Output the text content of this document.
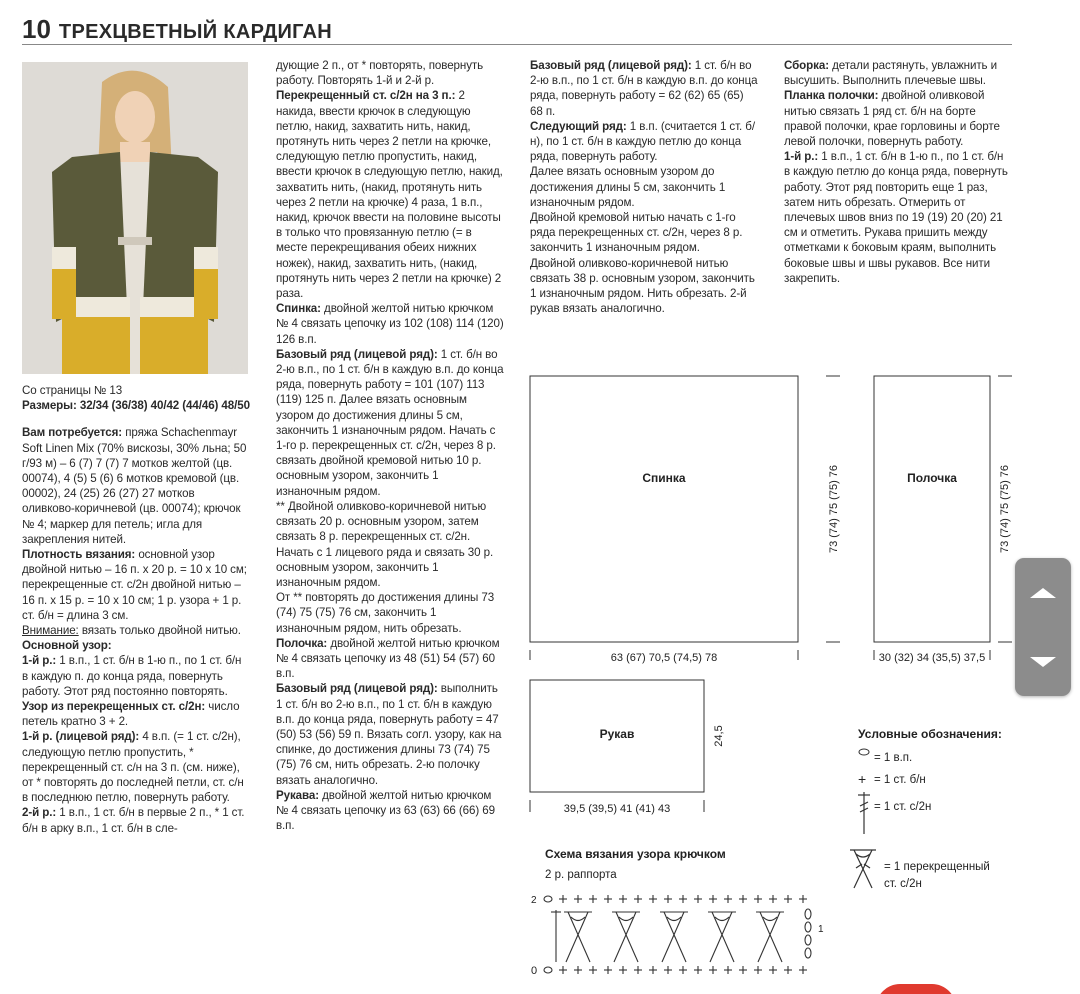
10 ТРЕХЦВЕТНЫЙ КАРДИГАН

Со страницы № 13

Размеры: 32/34 (36/38) 40/42 (44/46) 48/50

Вам потребуется: пряжа Schachenmayr Soft Linen Mix (70% вискозы, 30% льна; 50 г/93 м) – 6 (7) 7 (7) 7 мотков желтой (цв. 00074), 4 (5) 5 (6) 6 мотков кремовой (цв. 00002), 24 (25) 26 (27) 27 мотков оливково-коричневой (цв. 00074); крючок № 4; маркер для петель; игла для закрепления нитей.

Плотность вязания: основной узор двойной нитью – 16 п. х 20 р. = 10 х 10 см; перекрещенные ст. с/2н двойной нитью – 16 п. х 15 р. = 10 х 10 см; 1 р. узора + 1 р. ст. б/н = длина 3 см.

Внимание: вязать только двойной нитью.

Основной узор:

1-й р.: 1 в.п., 1 ст. б/н в 1-ю п., по 1 ст. б/н в каждую п. до конца ряда, повернуть работу. Этот ряд постоянно повторять.

Узор из перекрещенных ст. с/2н: число петель кратно 3 + 2.

1-й р. (лицевой ряд): 4 в.п. (= 1 ст. с/2н), следующую петлю пропустить, * перекрещенный ст. с/н на 3 п. (см. ниже), от * повторять до последней петли, ст. с/н в последнюю петлю, повернуть работу.

2-й р.: 1 в.п., 1 ст. б/н в первые 2 п., * 1 ст. б/н в арку в.п., 1 ст. б/н в сле-

дующие 2 п., от * повторять, повернуть работу. Повторять 1-й и 2-й р.

Перекрещенный ст. с/2н на 3 п.: 2 накида, ввести крючок в следующую петлю, накид, захватить нить, накид, протянуть нить через 2 петли на крючке, следующую петлю пропустить, накид, ввести крючок в следующую петлю, накид, захватить нить, (накид, протянуть нить через 2 петли на крючке) 4 раза, 1 в.п., накид, крючок ввести на половине высоты в только что провязанную петлю (= в месте перекрещивания обеих нижних ножек), накид, захватить нить, (накид, протянуть нить через 2 петли на крючке) 2 раза.

Спинка: двойной желтой нитью крючком № 4 связать цепочку из 102 (108) 114 (120) 126 в.п.

Базовый ряд (лицевой ряд): 1 ст. б/н во 2-ю в.п., по 1 ст. б/н в каждую в.п. до конца ряда, повернуть работу = 101 (107) 113 (119) 125 п. Далее вязать основным узором до достижения длины 5 см, закончить 1 изнаночным рядом. Начать с 1-го р. перекрещенных ст. с/2н, через 8 р. связать двойной кремовой нитью 10 р. основным узором, закончить 1 изнаночным рядом.

** Двойной оливково-коричневой нитью связать 20 р. основным узором, затем связать 8 р. перекрещенных ст. с/2н. Начать с 1 лицевого ряда и связать 30 р. основным узором, закончить 1 изнаночным рядом.

От ** повторять до достижения длины 73 (74) 75 (75) 76 см, закончить 1 изнаночным рядом, нить обрезать.

Полочка: двойной желтой нитью крючком № 4 связать цепочку из 48 (51) 54 (57) 60 в.п.

Базовый ряд (лицевой ряд): выполнить 1 ст. б/н во 2-ю в.п., по 1 ст. б/н в каждую в.п. до конца ряда, повернуть работу = 47 (50) 53 (56) 59 п. Вязать согл. узору, как на спинке, до достижения длины 73 (74) 75 (75) 76 см, нить обрезать. 2-ю полочку вязать аналогично.

Рукава: двойной желтой нитью крючком № 4 связать цепочку из 63 (63) 66 (66) 69 в.п.

Базовый ряд (лицевой ряд): 1 ст. б/н во 2-ю в.п., по 1 ст. б/н в каждую в.п. до конца ряда, повернуть работу = 62 (62) 65 (65) 68 п.

Следующий ряд: 1 в.п. (считается 1 ст. б/н), по 1 ст. б/н в каждую петлю до конца ряда, повернуть работу.

Далее вязать основным узором до достижения длины 5 см, закончить 1 изнаночным рядом.

Двойной кремовой нитью начать с 1-го ряда перекрещенных ст. с/2н, через 8 р. закончить 1 изнаночным рядом.

Двойной оливково-коричневой нитью связать 38 р. основным узором, закончить 1 изнаночным рядом. Нить обрезать. 2-й рукав вязать аналогично.

Сборка: детали растянуть, увлажнить и высушить. Выполнить плечевые швы.

Планка полочки: двойной оливковой нитью связать 1 ряд ст. б/н на борте правой полочки, крае горловины и борте левой полочки, повернуть работу.

1-й р.: 1 в.п., 1 ст. б/н в 1-ю п., по 1 ст. б/н в каждую петлю до конца ряда, повернуть работу. Этот ряд повторить еще 1 раз, затем нить обрезать. Отмерить от плечевых швов вниз по 19 (19) 20 (20) 21 см и отметить. Рукава пришить между отметками к боковым краям, выполнить боковые швы и швы рукавов. Все нити закрепить.

Спинка
63 (67) 70,5 (74,5) 78
73 (74) 75 (75) 76	Полочка
30 (32) 34 (35,5) 37,5
73 (74) 75 (75) 76
Рукав
39,5 (39,5) 41 (41) 43
24,5	Условные обозначения:
= 1 в.п.
+ = 1 ст. б/н
= 1 ст. с/2н
= 1 перекрещенный
ст. с/2н
Схема вязания узора крючком
2 р. раппорта
2
1
0
